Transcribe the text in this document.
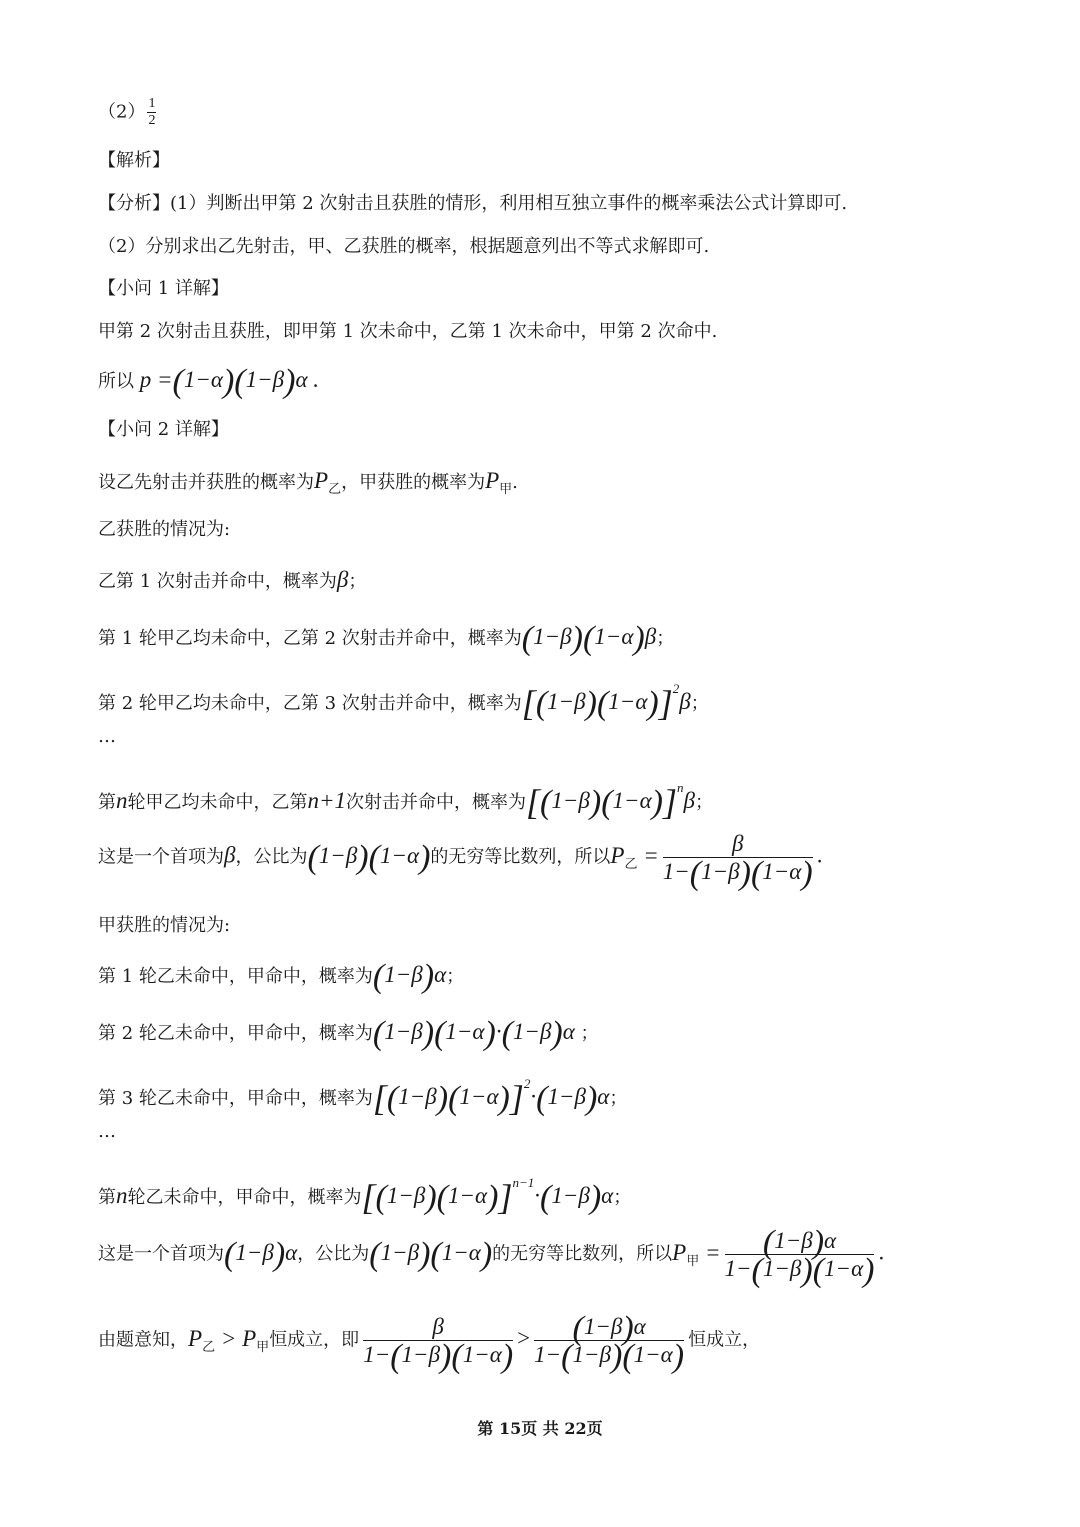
$(2) \frac{1}{2}$
【解析】
【分析】(1）判断出甲第 2 次射击且获胜的情形，利用相互独立事件的概率乘法公式计算即可.
（2）分别求出乙先射击，甲、乙获胜的概率，根据题意列出不等式求解即可.
【小问 1 详解】
甲第 2 次射击且获胜，即甲第 1 次未命中，乙第 1 次未命中，甲第 2 次命中.
所以 p =(1−α)(1−β)α .
【小问 2 详解】
设乙先射击并获胜的概率为$P_乙$，甲获胜的概率为$P_甲$.
乙获胜的情况为:
乙第 1 次射击并命中，概率为β；
第 1 轮甲乙均未命中，乙第 2 次射击并命中，概率为(1−β)(1−α)β；
第 2 轮甲乙均未命中，乙第 3 次射击并命中，概率为$[(1-\beta)(1-\alpha)]^2\beta$；
…
第n轮甲乙均未命中，乙第n+1次射击并命中，概率为$[(1-\beta)(1-\alpha)]^n\beta$；
这是一个首项为β，公比为(1−β)(1−α)的无穷等比数列，所以$P_乙 = \frac{\beta}{1-(1-\beta)(1-\alpha)}$ .
甲获胜的情况为:
第 1 轮乙未命中，甲命中，概率为(1−β)α；
第 2 轮乙未命中，甲命中，概率为(1−β)(1−α)·(1−β)α ；
第 3 轮乙未命中，甲命中，概率为$[(1-\beta)(1-\alpha)]^2\cdot(1-\beta)\alpha$；
…
第n轮乙未命中，甲命中，概率为$[(1-\beta)(1-\alpha)]^{n-1}\cdot(1-\beta)\alpha$；
这是一个首项为(1−β)α，公比为(1−β)(1−α)的无穷等比数列，所以$P_甲 = \frac{(1-\beta)\alpha}{1-(1-\beta)(1-\alpha)}$ .
由题意知，$P_乙 > P_甲$恒成立，即 $\frac{\beta}{1-(1-\beta)(1-\alpha)} > \frac{(1-\beta)\alpha}{1-(1-\beta)(1-\alpha)}$ 恒成立，
第 15页 共 22页
